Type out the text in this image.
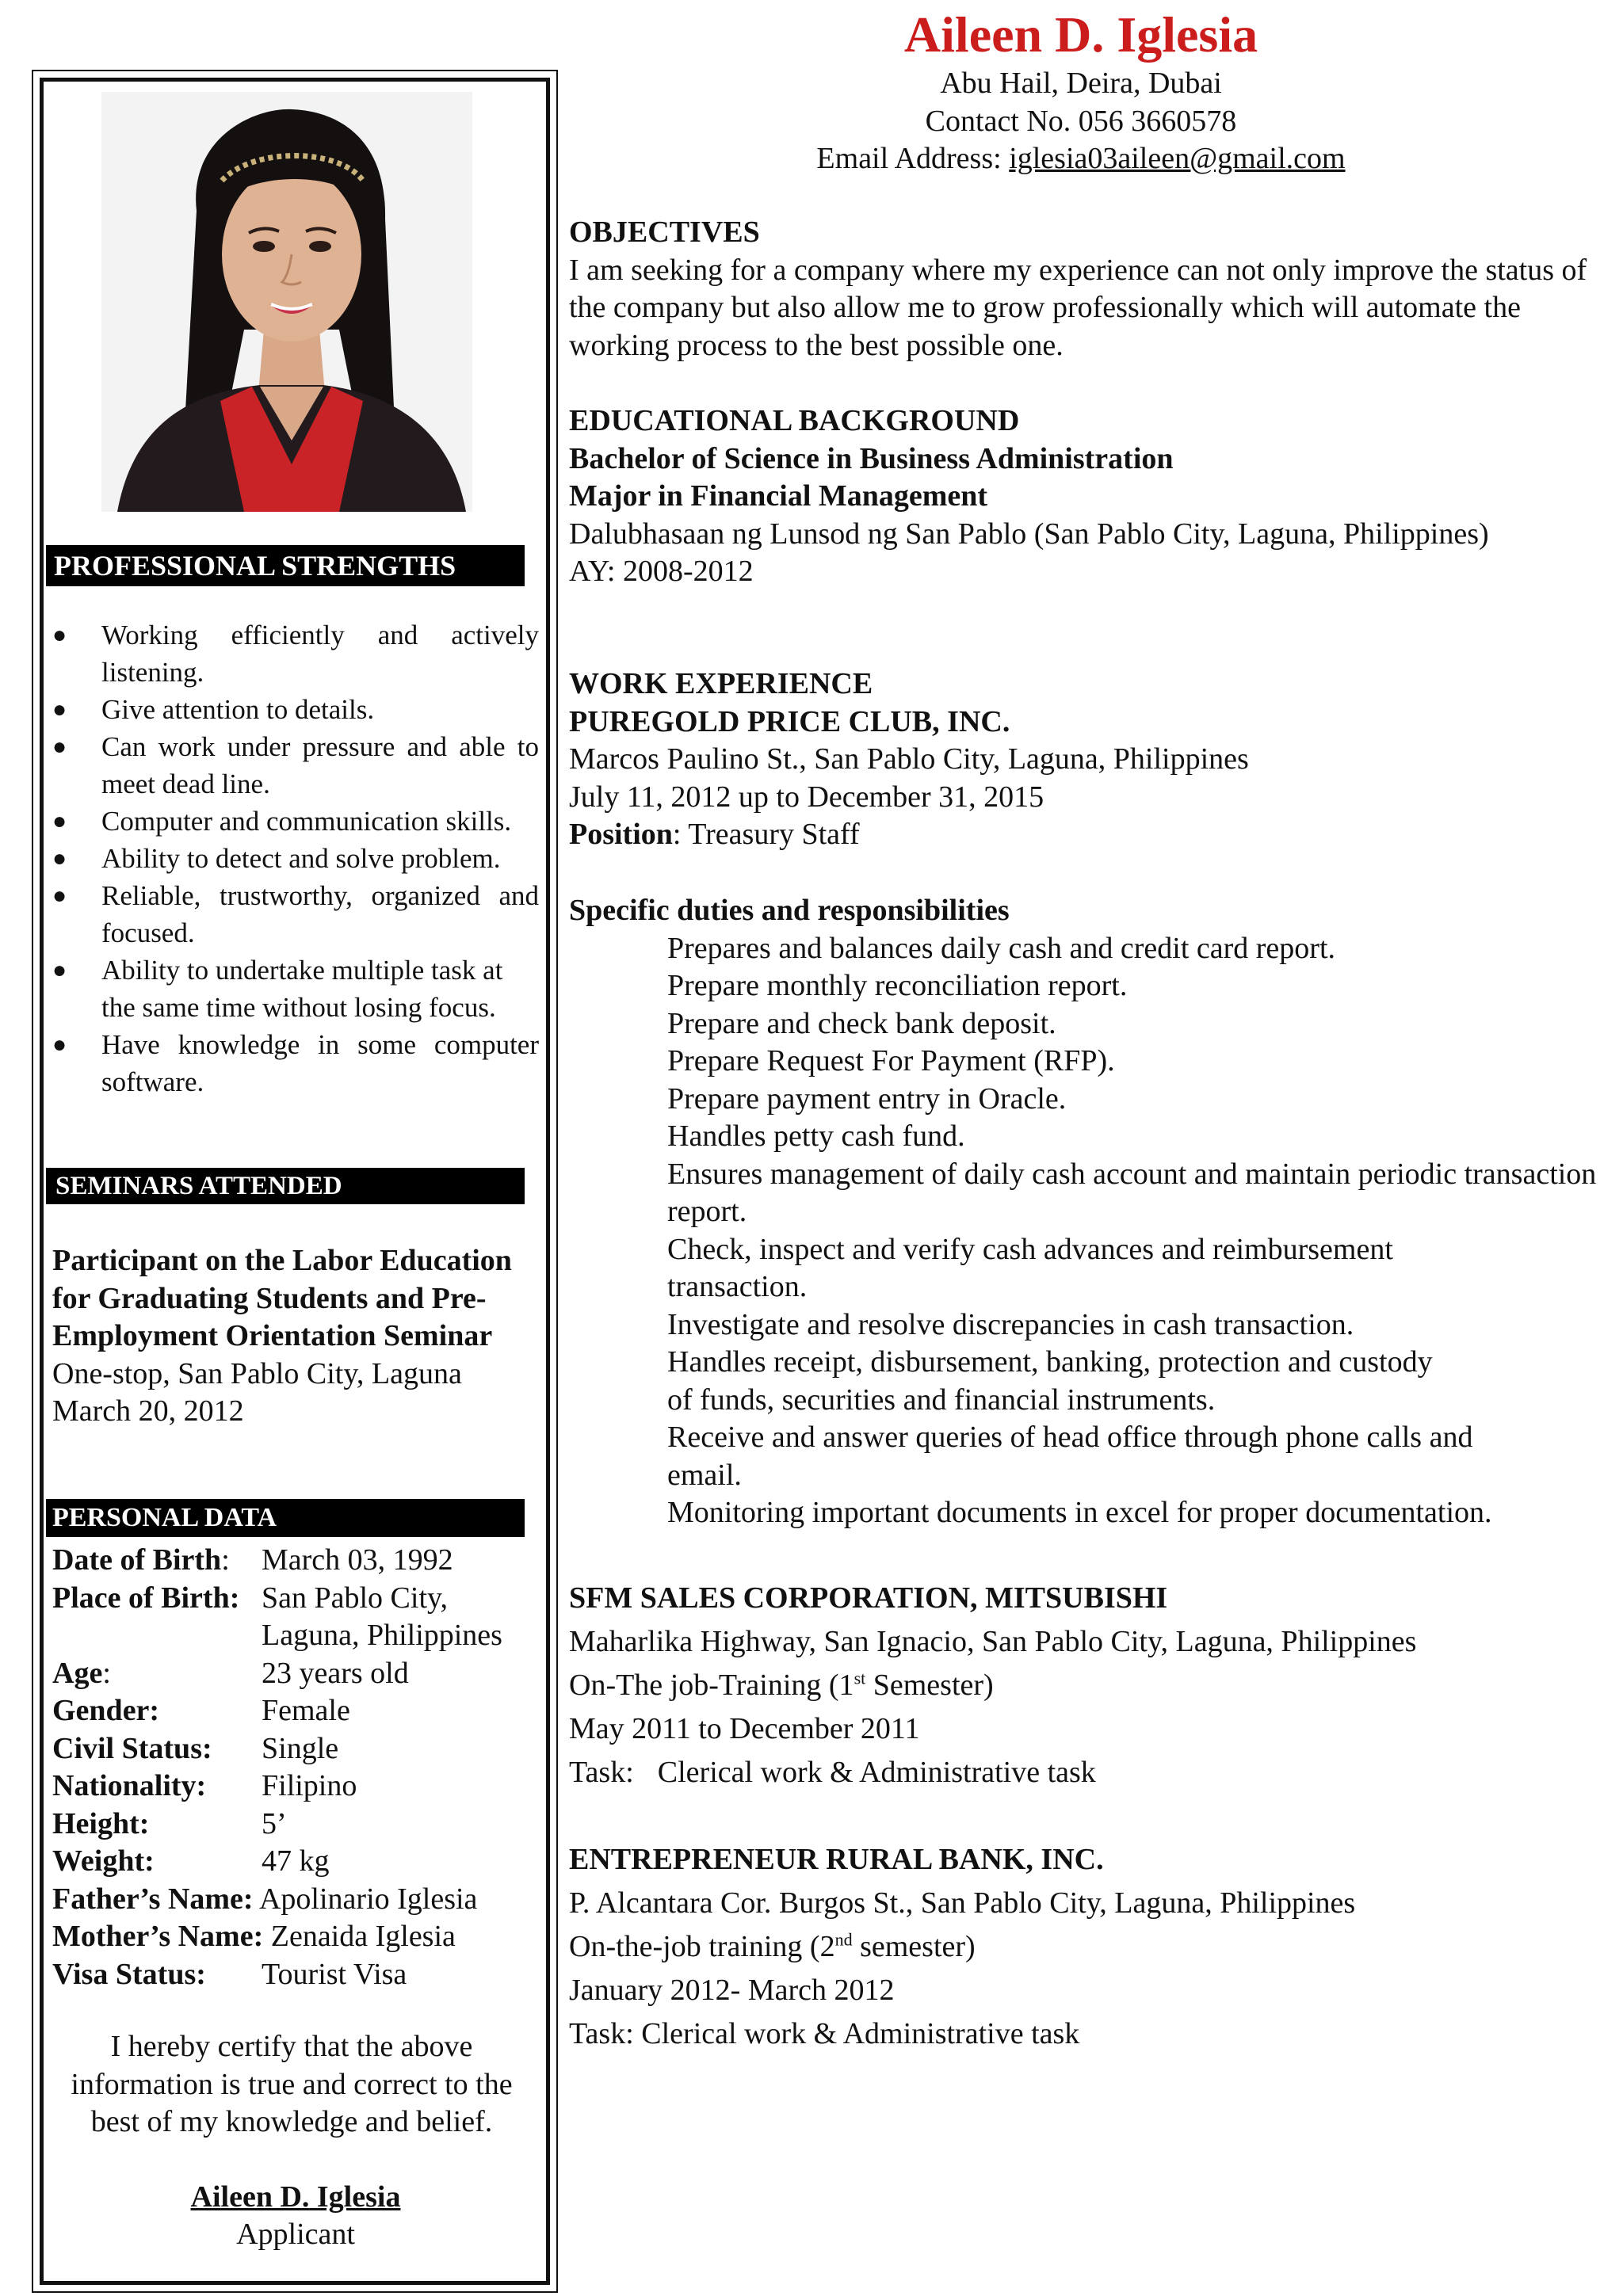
PROFESSIONAL STRENGTHS
● Working efficiently and actively listening.
● Give attention to details.
● Can work under pressure and able to meet dead line.
● Computer and communication skills.
● Ability to detect and solve problem.
● Reliable, trustworthy, organized and focused.
● Ability to undertake multiple task at the same time without losing focus.
● Have knowledge in some computer software.
SEMINARS ATTENDED
Participant on the Labor Education for Graduating Students and Pre-Employment Orientation Seminar
One-stop, San Pablo City, Laguna
March 20, 2012
PERSONAL DATA
Date of Birth: March 03, 1992
Place of Birth: San Pablo City,
Laguna, Philippines
Age:	23 years old
Gender:	Female
Civil Status: Single
Nationality: Filipino
Height:	5’
Weight:	47 kg
Father’s Name: Apolinario Iglesia
Mother’s Name: Zenaida Iglesia
Visa Status: Tourist Visa
I hereby certify that the above information is true and correct to the best of my knowledge and belief.
Aileen D. Iglesia
Applicant
Aileen D. Iglesia
Abu Hail, Deira, Dubai
Contact No. 056 3660578
Email Address: iglesia03aileen@gmail.com
OBJECTIVES
I am seeking for a company where my experience can not only improve the status of the company but also allow me to grow professionally which will automate the working process to the best possible one.
EDUCATIONAL BACKGROUND
Bachelor of Science in Business Administration
Major in Financial Management
Dalubhasaan ng Lunsod ng San Pablo (San Pablo City, Laguna, Philippines)
AY: 2008-2012
WORK EXPERIENCE
PUREGOLD PRICE CLUB, INC.
Marcos Paulino St., San Pablo City, Laguna, Philippines
July 11, 2012 up to December 31, 2015
Position: Treasury Staff
Specific duties and responsibilities
Prepares and balances daily cash and credit card report.
Prepare monthly reconciliation report.
Prepare and check bank deposit.
Prepare Request For Payment (RFP).
Prepare payment entry in Oracle.
Handles petty cash fund.
Ensures management of daily cash account and maintain periodic transaction report.
Check, inspect and verify cash advances and reimbursement transaction.
Investigate and resolve discrepancies in cash transaction.
Handles receipt, disbursement, banking, protection and custody of funds, securities and financial instruments.
Receive and answer queries of head office through phone calls and email.
Monitoring important documents in excel for proper documentation.
SFM SALES CORPORATION, MITSUBISHI
Maharlika Highway, San Ignacio, San Pablo City, Laguna, Philippines
On-The job-Training (1st Semester)
May 2011 to December 2011
Task: Clerical work & Administrative task
ENTREPRENEUR RURAL BANK, INC.
P. Alcantara Cor. Burgos St., San Pablo City, Laguna, Philippines
On-the-job training (2nd semester)
January 2012- March 2012
Task: Clerical work & Administrative task
